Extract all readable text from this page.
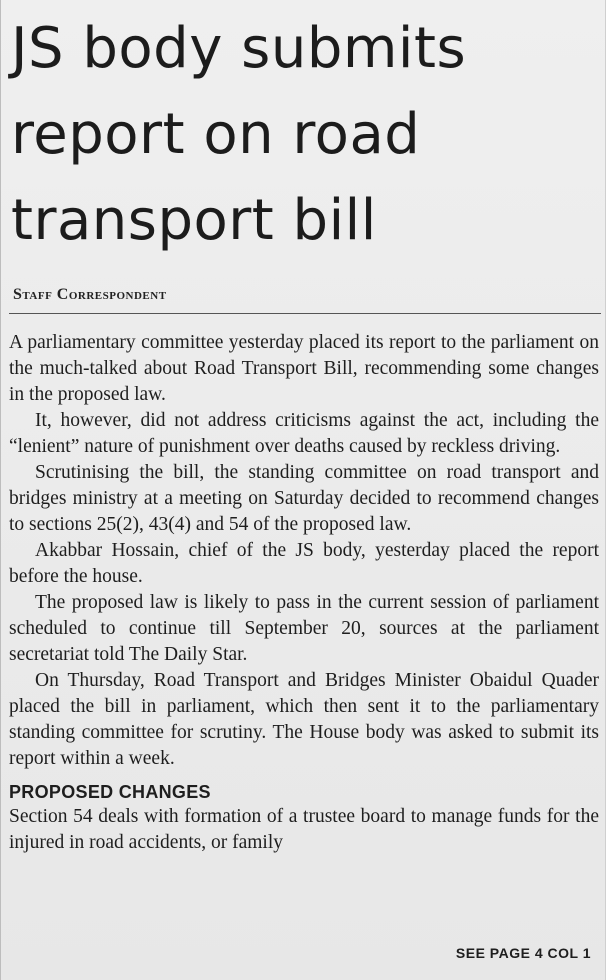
JS body submits
report on road
transport bill
Staff Correspondent

A parliamentary committee yesterday placed its report to the parliament on the much-talked about Road Transport Bill, recommending some changes in the proposed law.

It, however, did not address criticisms against the act, including the “lenient” nature of punishment over deaths caused by reckless driving.

Scrutinising the bill, the standing committee on road transport and bridges ministry at a meeting on Saturday decided to recommend changes to sections 25(2), 43(4) and 54 of the proposed law.

Akabbar Hossain, chief of the JS body, yesterday placed the report before the house.

The proposed law is likely to pass in the current session of parliament scheduled to continue till September 20, sources at the parliament secretariat told The Daily Star.

On Thursday, Road Transport and Bridges Minister Obaidul Quader placed the bill in parliament, which then sent it to the parliamentary standing committee for scrutiny. The House body was asked to submit its report within a week.

PROPOSED CHANGES

Section 54 deals with formation of a trustee board to manage funds for the injured in road accidents, or family

SEE PAGE 4 COL 1
